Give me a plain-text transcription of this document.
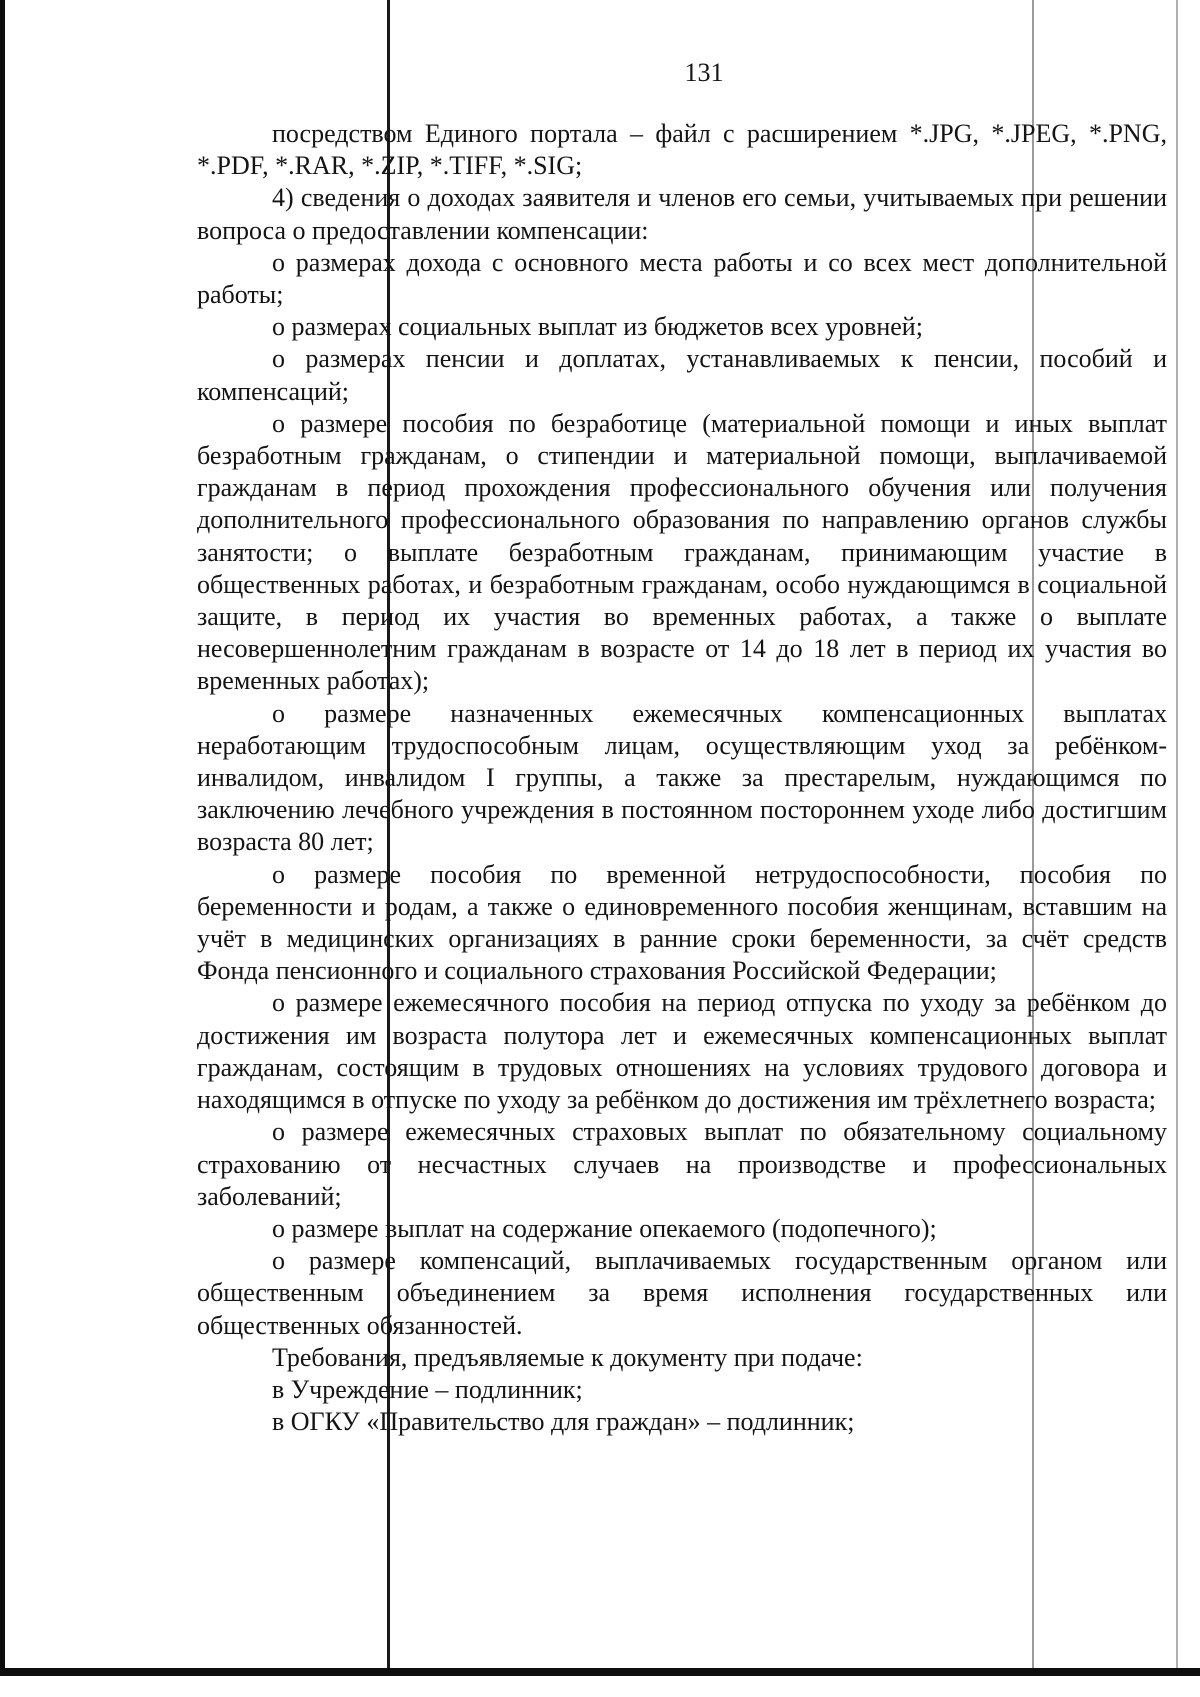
131

посредством Единого портала – файл с расширением *.JPG, *.JPEG, *.PNG, *.PDF, *.RAR, *.ZIP, *.TIFF, *.SIG;

4) сведения о доходах заявителя и членов его семьи, учитываемых при решении вопроса о предоставлении компенсации:

о размерах дохода с основного места работы и со всех мест дополнительной работы;

о размерах социальных выплат из бюджетов всех уровней;

о размерах пенсии и доплатах, устанавливаемых к пенсии, пособий и компенсаций;

о размере пособия по безработице (материальной помощи и иных выплат безработным гражданам, о стипендии и материальной помощи, выплачиваемой гражданам в период прохождения профессионального обучения или получения дополнительного профессионального образования по направлению органов службы занятости; о выплате безработным гражданам, принимающим участие в общественных работах, и безработным гражданам, особо нуждающимся в социальной защите, в период их участия во временных работах, а также о выплате несовершеннолетним гражданам в возрасте от 14 до 18 лет в период их участия во временных работах);

о размере назначенных ежемесячных компенсационных выплатах неработающим трудоспособным лицам, осуществляющим уход за ребёнком-инвалидом, инвалидом I группы, а также за престарелым, нуждающимся по заключению лечебного учреждения в постоянном постороннем уходе либо достигшим возраста 80 лет;

о размере пособия по временной нетрудоспособности, пособия по беременности и родам, а также о единовременного пособия женщинам, вставшим на учёт в медицинских организациях в ранние сроки беременности, за счёт средств Фонда пенсионного и социального страхования Российской Федерации;

о размере ежемесячного пособия на период отпуска по уходу за ребёнком до достижения им возраста полутора лет и ежемесячных компенсационных выплат гражданам, состоящим в трудовых отношениях на условиях трудового договора и находящимся в отпуске по уходу за ребёнком до достижения им трёхлетнего возраста;

о размере ежемесячных страховых выплат по обязательному социальному страхованию от несчастных случаев на производстве и профессиональных заболеваний;

о размере выплат на содержание опекаемого (подопечного);

о размере компенсаций, выплачиваемых государственным органом или общественным объединением за время исполнения государственных или общественных обязанностей.

Требования, предъявляемые к документу при подаче:

в Учреждение – подлинник;

в ОГКУ «Правительство для граждан» – подлинник;
